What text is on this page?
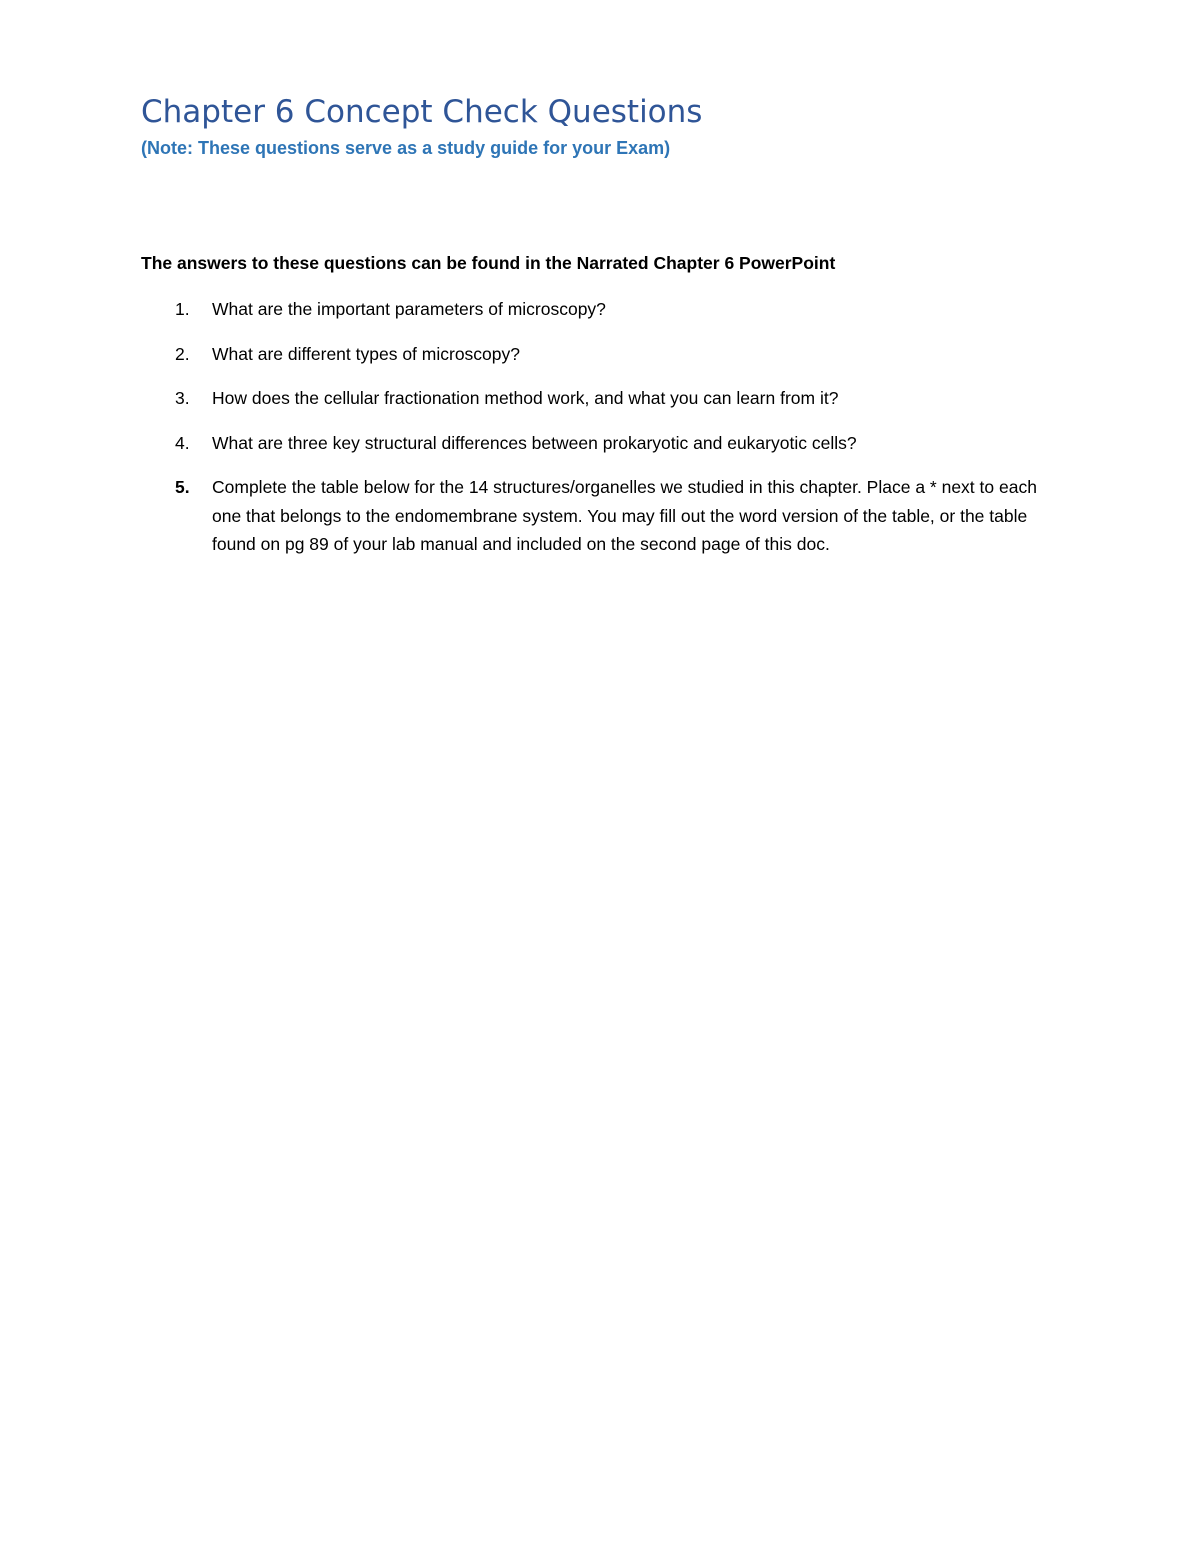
Chapter 6 Concept Check Questions

(Note: These questions serve as a study guide for your Exam)

The answers to these questions can be found in the Narrated Chapter 6 PowerPoint

1. What are the important parameters of microscopy?
2. What are different types of microscopy?
3. How does the cellular fractionation method work, and what you can learn from it?
4. What are three key structural differences between prokaryotic and eukaryotic cells?
5. Complete the table below for the 14 structures/organelles we studied in this chapter. Place a * next to each one that belongs to the endomembrane system. You may fill out the word version of the table, or the table found on pg 89 of your lab manual and included on the second page of this doc.
